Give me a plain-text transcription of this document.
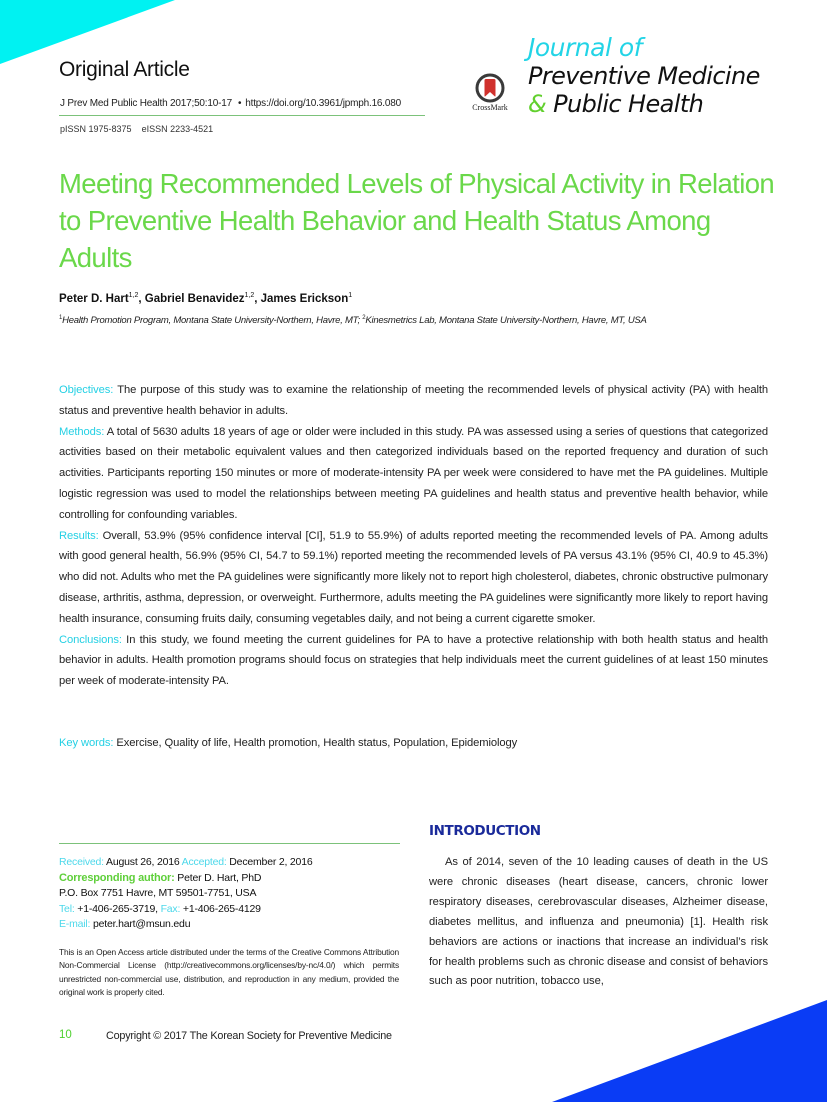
Original Article
J Prev Med Public Health 2017;50:10-17 • https://doi.org/10.3961/jpmph.16.080
pISSN 1975-8375 eISSN 2233-4521
CrossMark
Journal of
Preventive Medicine
& Public Health
Meeting Recommended Levels of Physical Activity in Relation to Preventive Health Behavior and Health Status Among Adults
Peter D. Hart$^{1,2}$, Gabriel Benavidez$^{1,2}$, James Erickson$^1$
$^1$Health Promotion Program, Montana State University-Northern, Havre, MT; $^2$Kinesmetrics Lab, Montana State University-Northern, Havre, MT, USA

Objectives: The purpose of this study was to examine the relationship of meeting the recommended levels of physical activity (PA) with health status and preventive health behavior in adults.

Methods: A total of 5630 adults 18 years of age or older were included in this study. PA was assessed using a series of questions that categorized activities based on their metabolic equivalent values and then categorized individuals based on the reported frequency and duration of such activities. Participants reporting 150 minutes or more of moderate-intensity PA per week were considered to have met the PA guidelines. Multiple logistic regression was used to model the relationships between meeting PA guidelines and health status and preventive health behavior, while controlling for confounding variables.

Results: Overall, 53.9% (95% confidence interval [CI], 51.9 to 55.9%) of adults reported meeting the recommended levels of PA. Among adults with good general health, 56.9% (95% CI, 54.7 to 59.1%) reported meeting the recommended levels of PA versus 43.1% (95% CI, 40.9 to 45.3%) who did not. Adults who met the PA guidelines were significantly more likely not to report high cholesterol, diabetes, chronic obstructive pulmonary disease, arthritis, asthma, depression, or overweight. Furthermore, adults meeting the PA guidelines were significantly more likely to report having health insurance, consuming fruits daily, consuming vegetables daily, and not being a current cigarette smoker.

Conclusions: In this study, we found meeting the current guidelines for PA to have a protective relationship with both health status and health behavior in adults. Health promotion programs should focus on strategies that help individuals meet the current guidelines of at least 150 minutes per week of moderate-intensity PA.

Key words: Exercise, Quality of life, Health promotion, Health status, Population, Epidemiology
Received: August 26, 2016 Accepted: December 2, 2016
Corresponding author: Peter D. Hart, PhD
P.O. Box 7751 Havre, MT 59501-7751, USA
Tel: +1-406-265-3719, Fax: +1-406-265-4129
E-mail: peter.hart@msun.edu
This is an Open Access article distributed under the terms of the Creative Commons Attribution Non-Commercial License (http://creativecommons.org/licenses/by-nc/4.0/) which permits unrestricted non-commercial use, distribution, and reproduction in any medium, provided the original work is properly cited.
INTRODUCTION

As of 2014, seven of the 10 leading causes of death in the US were chronic diseases (heart disease, cancers, chronic lower respiratory diseases, cerebrovascular diseases, Alzheimer disease, diabetes mellitus, and influenza and pneumonia) [1]. Health risk behaviors are actions or inactions that increase an individual’s risk for health problems such as chronic disease and consist of behaviors such as poor nutrition, tobacco use,

10	Copyright © 2017 The Korean Society for Preventive Medicine
